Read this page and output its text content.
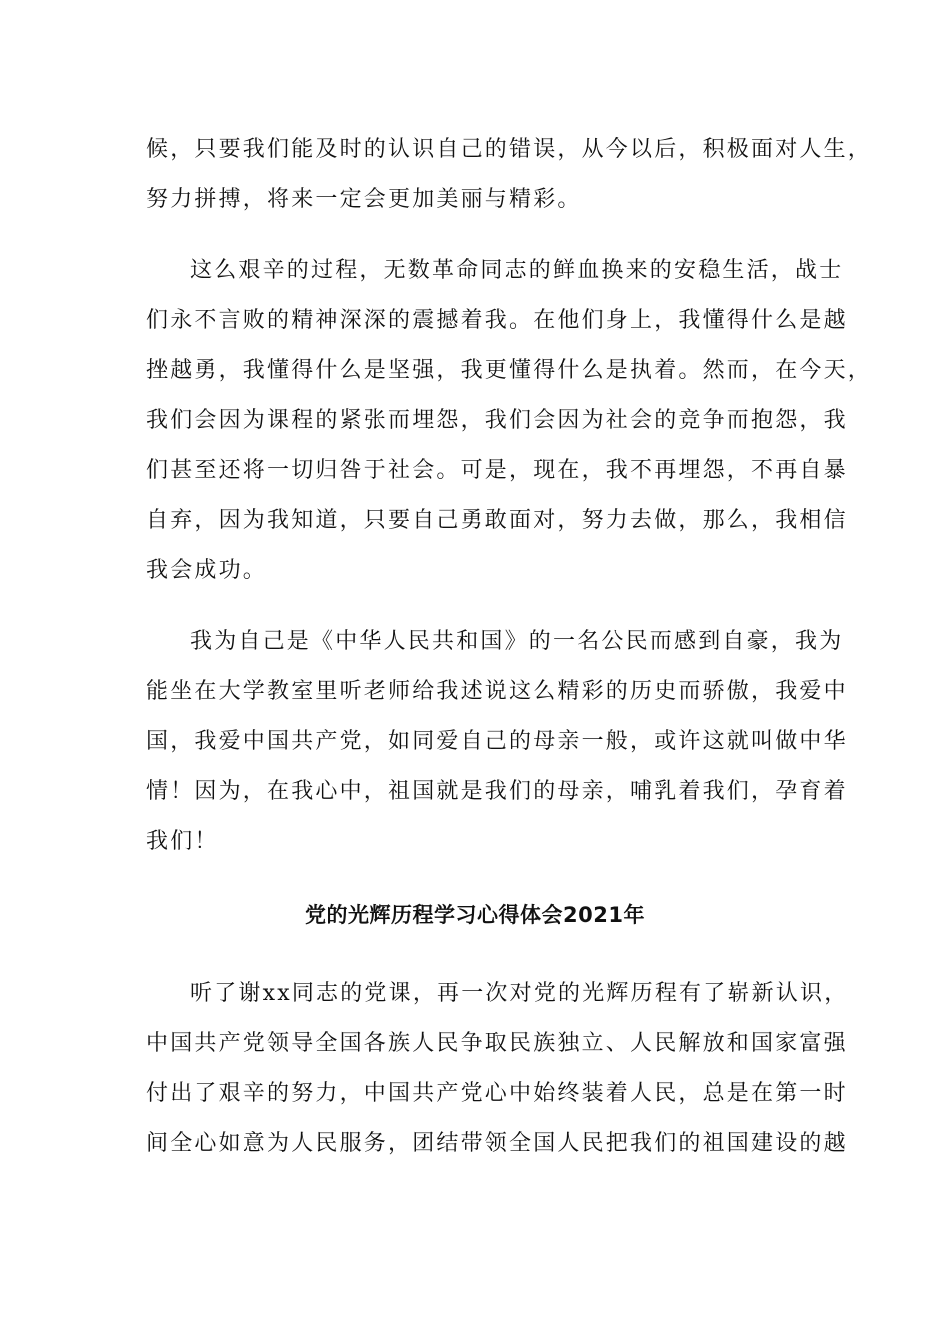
候，只要我们能及时的认识自己的错误，从今以后，积极面对人生，
努力拼搏，将来一定会更加美丽与精彩。
这么艰辛的过程，无数革命同志的鲜血换来的安稳生活，战士
们永不言败的精神深深的震撼着我。在他们身上，我懂得什么是越
挫越勇，我懂得什么是坚强，我更懂得什么是执着。然而，在今天，
我们会因为课程的紧张而埋怨，我们会因为社会的竞争而抱怨，我
们甚至还将一切归咎于社会。可是，现在，我不再埋怨，不再自暴
自弃，因为我知道，只要自己勇敢面对，努力去做，那么，我相信
我会成功。
我为自己是《中华人民共和国》的一名公民而感到自豪，我为
能坐在大学教室里听老师给我述说这么精彩的历史而骄傲，我爱中
国，我爱中国共产党，如同爱自己的母亲一般，或许这就叫做中华
情！因为，在我心中，祖国就是我们的母亲，哺乳着我们，孕育着
我们！
党的光辉历程学习心得体会2021年
听了谢xx同志的党课，再一次对党的光辉历程有了崭新认识，
中国共产党领导全国各族人民争取民族独立、人民解放和国家富强
付出了艰辛的努力，中国共产党心中始终装着人民，总是在第一时
间全心如意为人民服务，团结带领全国人民把我们的祖国建设的越
